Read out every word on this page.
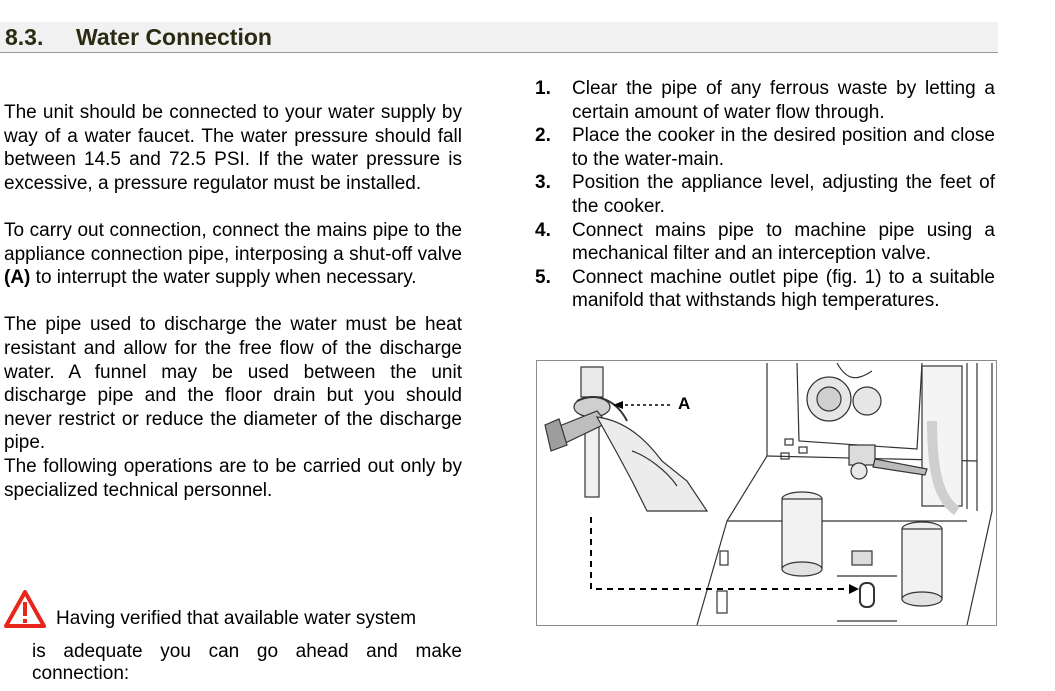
8.3. Water Connection

The unit should be connected to your water supply by way of a water faucet. The water pressure should fall between 14.5 and 72.5 PSI. If the water pressure is excessive, a pressure regulator must be installed.

To carry out connection, connect the mains pipe to the appliance connection pipe, interposing a shut-off valve (A) to interrupt the water supply when necessary.

The pipe used to discharge the water must be heat resistant and allow for the free flow of the discharge water. A funnel may be used between the unit discharge pipe and the floor drain but you should never restrict or reduce the diameter of the discharge pipe.

The following operations are to be carried out only by specialized technical personnel.

Having verified that available water system
is adequate you can go ahead and make
connection:
1. Clear the pipe of any ferrous waste by letting a certain amount of water flow through.
2. Place the cooker in the desired position and close to the water-main.
3. Position the appliance level, adjusting the feet of the cooker.
4. Connect mains pipe to machine pipe using a mechanical filter and an interception valve.
5. Connect machine outlet pipe (fig. 1) to a suitable manifold that withstands high temperatures.
A
